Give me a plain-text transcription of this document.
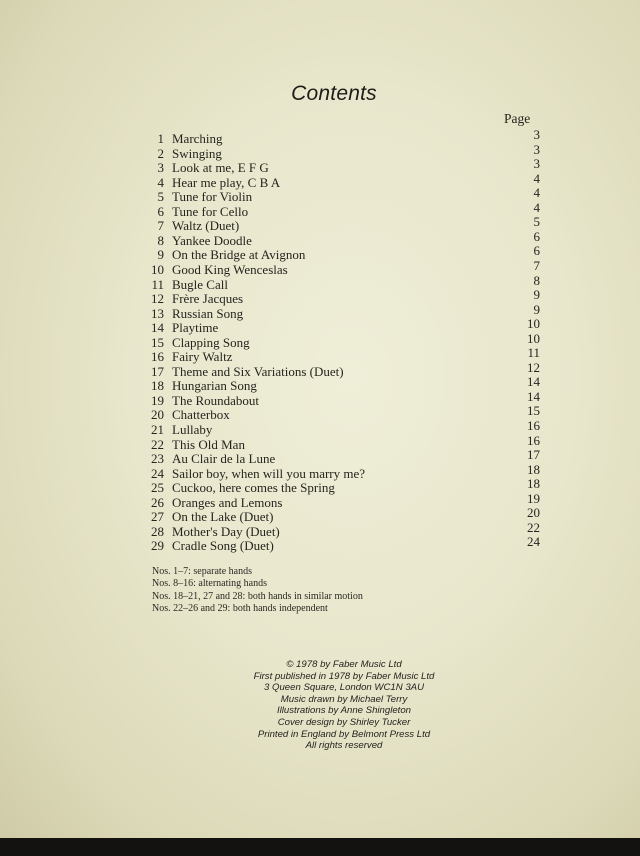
Contents
Page
1 Marching
2 Swinging
3 Look at me, E F G
4 Hear me play, C B A
5 Tune for Violin
6 Tune for Cello
7 Waltz (Duet)
8 Yankee Doodle
9 On the Bridge at Avignon
10 Good King Wenceslas
11 Bugle Call
12 Frère Jacques
13 Russian Song
14 Playtime
15 Clapping Song
16 Fairy Waltz
17 Theme and Six Variations (Duet)
18 Hungarian Song
19 The Roundabout
20 Chatterbox
21 Lullaby
22 This Old Man
23 Au Clair de la Lune
24 Sailor boy, when will you marry me?
25 Cuckoo, here comes the Spring
26 Oranges and Lemons
27 On the Lake (Duet)
28 Mother's Day (Duet)
29 Cradle Song (Duet)
3
3
3
4
4
4
5
6
6
7
8
9
9
10
10
11
12
14
14
15
16
16
17
18
18
19
20
22
24
Nos. 1–7: separate hands
Nos. 8–16: alternating hands
Nos. 18–21, 27 and 28: both hands in similar motion
Nos. 22–26 and 29: both hands independent
© 1978 by Faber Music Ltd
First published in 1978 by Faber Music Ltd
3 Queen Square, London WC1N 3AU
Music drawn by Michael Terry
Illustrations by Anne Shingleton
Cover design by Shirley Tucker
Printed in England by Belmont Press Ltd
All rights reserved
